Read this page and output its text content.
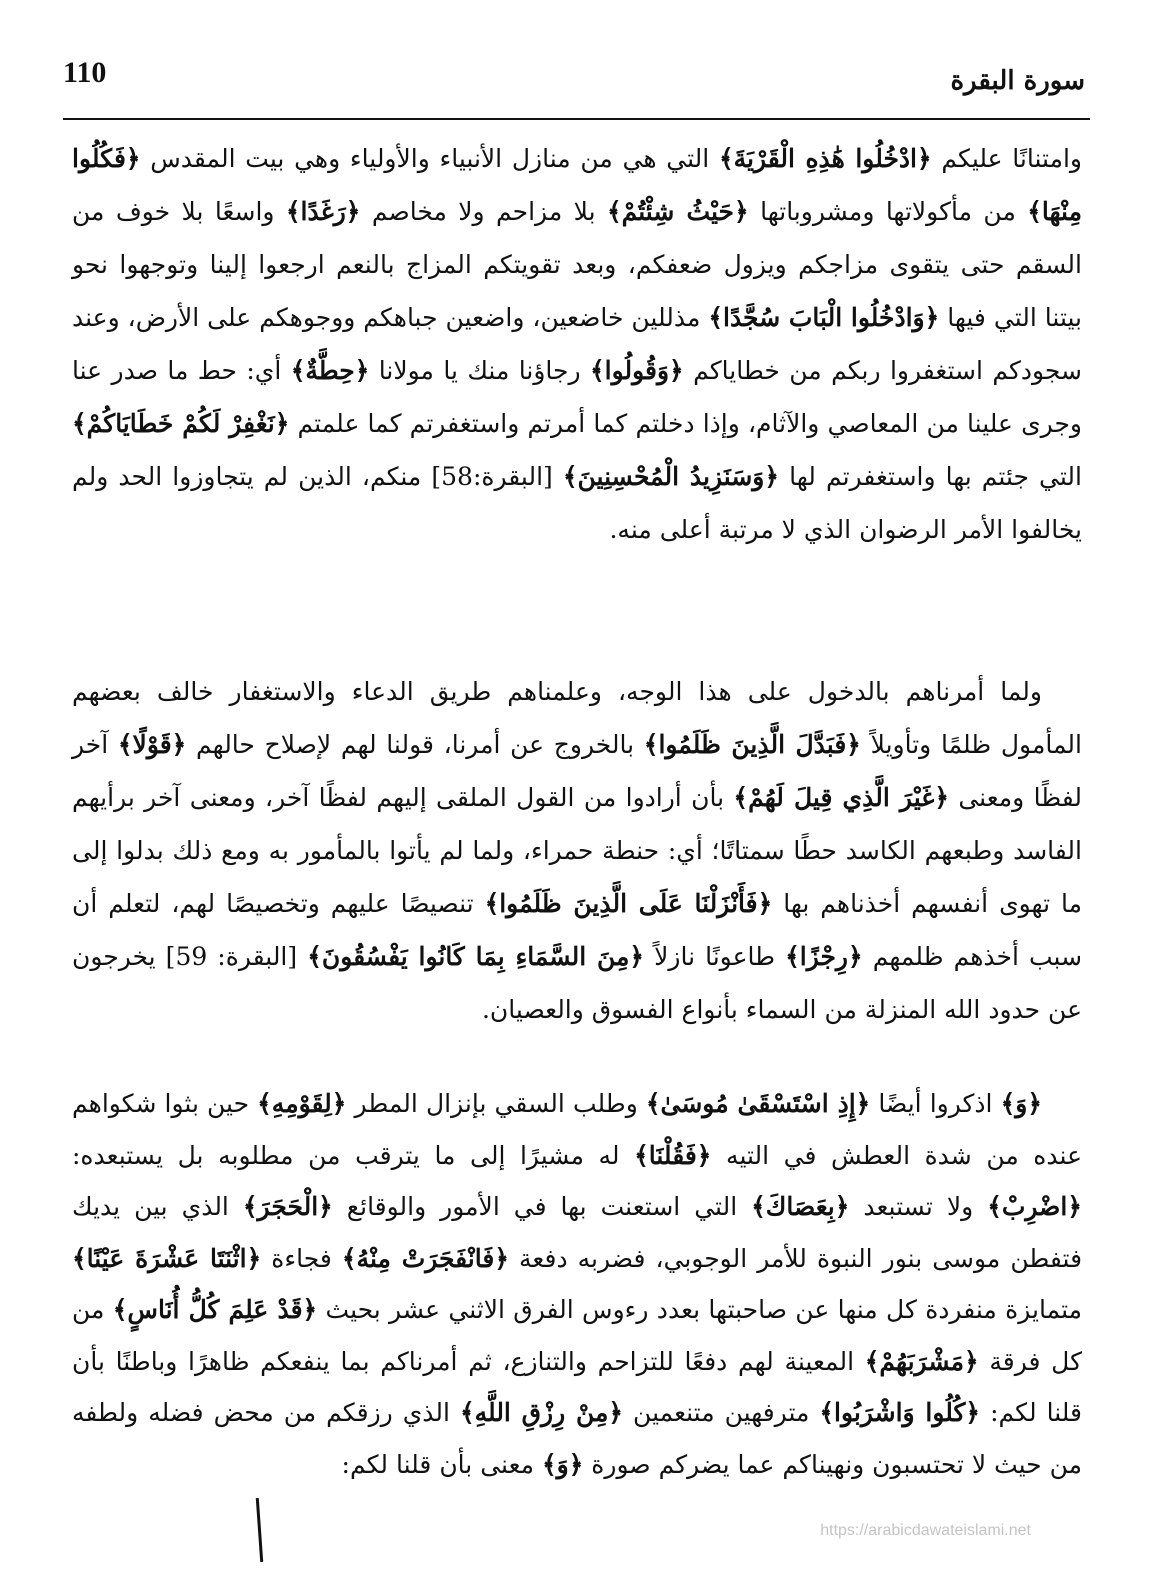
110	سورة البقرة

وامتنانًا عليكم ﴿ادْخُلُوا هَٰذِهِ الْقَرْيَةَ﴾ التي هي من منازل الأنبياء والأولياء وهي بيت المقدس ﴿فَكُلُوا مِنْهَا﴾ من مأكولاتها ومشروباتها ﴿حَيْثُ شِئْتُمْ﴾ بلا مزاحم ولا مخاصم ﴿رَغَدًا﴾ واسعًا بلا خوف من السقم حتى يتقوى مزاجكم ويزول ضعفكم، وبعد تقويتكم المزاج بالنعم ارجعوا إلينا وتوجهوا نحو بيتنا التي فيها ﴿وَادْخُلُوا الْبَابَ سُجَّدًا﴾ مذللين خاضعين، واضعين جباهكم ووجوهكم على الأرض، وعند سجودكم استغفروا ربكم من خطاياكم ﴿وَقُولُوا﴾ رجاؤنا منك يا مولانا ﴿حِطَّةٌ﴾ أي: حط ما صدر عنا وجرى علينا من المعاصي والآثام، وإذا دخلتم كما أمرتم واستغفرتم كما علمتم ﴿نَغْفِرْ لَكُمْ خَطَايَاكُمْ﴾ التي جئتم بها واستغفرتم لها ﴿وَسَنَزِيدُ الْمُحْسِنِينَ﴾ [البقرة:58] منكم، الذين لم يتجاوزوا الحد ولم يخالفوا الأمر الرضوان الذي لا مرتبة أعلى منه.

ولما أمرناهم بالدخول على هذا الوجه، وعلمناهم طريق الدعاء والاستغفار خالف بعضهم المأمول ظلمًا وتأويلاً ﴿فَبَدَّلَ الَّذِينَ ظَلَمُوا﴾ بالخروج عن أمرنا، قولنا لهم لإصلاح حالهم ﴿قَوْلًا﴾ آخر لفظًا ومعنى ﴿غَيْرَ الَّذِي قِيلَ لَهُمْ﴾ بأن أرادوا من القول الملقى إليهم لفظًا آخر، ومعنى آخر برأيهم الفاسد وطبعهم الكاسد حطًا سمتاتًا؛ أي: حنطة حمراء، ولما لم يأتوا بالمأمور به ومع ذلك بدلوا إلى ما تهوى أنفسهم أخذناهم بها ﴿فَأَنْزَلْنَا عَلَى الَّذِينَ ظَلَمُوا﴾ تنصيصًا عليهم وتخصيصًا لهم، لتعلم أن سبب أخذهم ظلمهم ﴿رِجْزًا﴾ طاعونًا نازلاً ﴿مِنَ السَّمَاءِ بِمَا كَانُوا يَفْسُقُونَ﴾ [البقرة: 59] يخرجون عن حدود الله المنزلة من السماء بأنواع الفسوق والعصيان.

﴿وَ﴾ اذكروا أيضًا ﴿إِذِ اسْتَسْقَىٰ مُوسَىٰ﴾ وطلب السقي بإنزال المطر ﴿لِقَوْمِهِ﴾ حين بثوا شكواهم عنده من شدة العطش في التيه ﴿فَقُلْنَا﴾ له مشيرًا إلى ما يترقب من مطلوبه بل يستبعده: ﴿اضْرِبْ﴾ ولا تستبعد ﴿بِعَصَاكَ﴾ التي استعنت بها في الأمور والوقائع ﴿الْحَجَرَ﴾ الذي بين يديك فتفطن موسى بنور النبوة للأمر الوجوبي، فضربه دفعة ﴿فَانْفَجَرَتْ مِنْهُ﴾ فجاءة ﴿اثْنَتَا عَشْرَةَ عَيْنًا﴾ متمايزة منفردة كل منها عن صاحبتها بعدد رءوس الفرق الاثني عشر بحيث ﴿قَدْ عَلِمَ كُلُّ أُنَاسٍ﴾ من كل فرقة ﴿مَشْرَبَهُمْ﴾ المعينة لهم دفعًا للتزاحم والتنازع، ثم أمرناكم بما ينفعكم ظاهرًا وباطنًا بأن قلنا لكم: ﴿كُلُوا وَاشْرَبُوا﴾ مترفهين متنعمين ﴿مِنْ رِزْقِ اللَّهِ﴾ الذي رزقكم من محض فضله ولطفه من حيث لا تحتسبون ونهيناكم عما يضركم صورة ﴿وَ﴾ معنى بأن قلنا لكم:

https://arabicdawateislami.net
